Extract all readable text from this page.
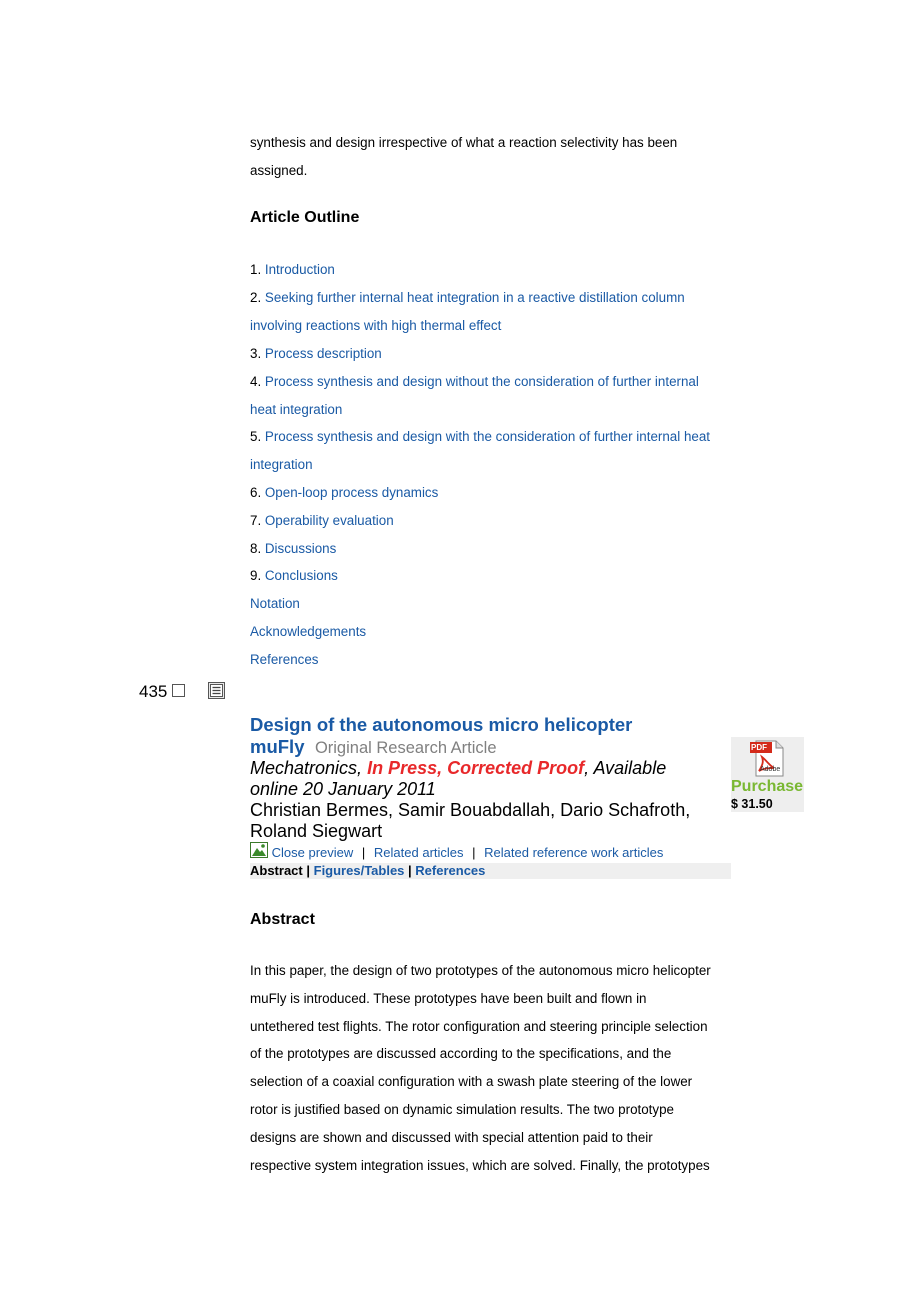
synthesis and design irrespective of what a reaction selectivity has been
assigned.
Article Outline
1. Introduction
2. Seeking further internal heat integration in a reactive distillation column
involving reactions with high thermal effect
3. Process description
4. Process synthesis and design without the consideration of further internal
heat integration
5. Process synthesis and design with the consideration of further internal heat
integration
6. Open-loop process dynamics
7. Operability evaluation
8. Discussions
9. Conclusions
Notation
Acknowledgements
References
435
Design of the autonomous micro helicopter
muFly Original Research Article
Mechatronics, In Press, Corrected Proof, Available
online 20 January 2011
Christian Bermes, Samir Bouabdallah, Dario Schafroth,
Roland Siegwart
Close preview | Related articles | Related reference work articles
Abstract | Figures/Tables | References
PDF
Adobe
Purchase
$ 31.50
Abstract
In this paper, the design of two prototypes of the autonomous micro helicopter
muFly is introduced. These prototypes have been built and flown in
untethered test flights. The rotor configuration and steering principle selection
of the prototypes are discussed according to the specifications, and the
selection of a coaxial configuration with a swash plate steering of the lower
rotor is justified based on dynamic simulation results. The two prototype
designs are shown and discussed with special attention paid to their
respective system integration issues, which are solved. Finally, the prototypes
